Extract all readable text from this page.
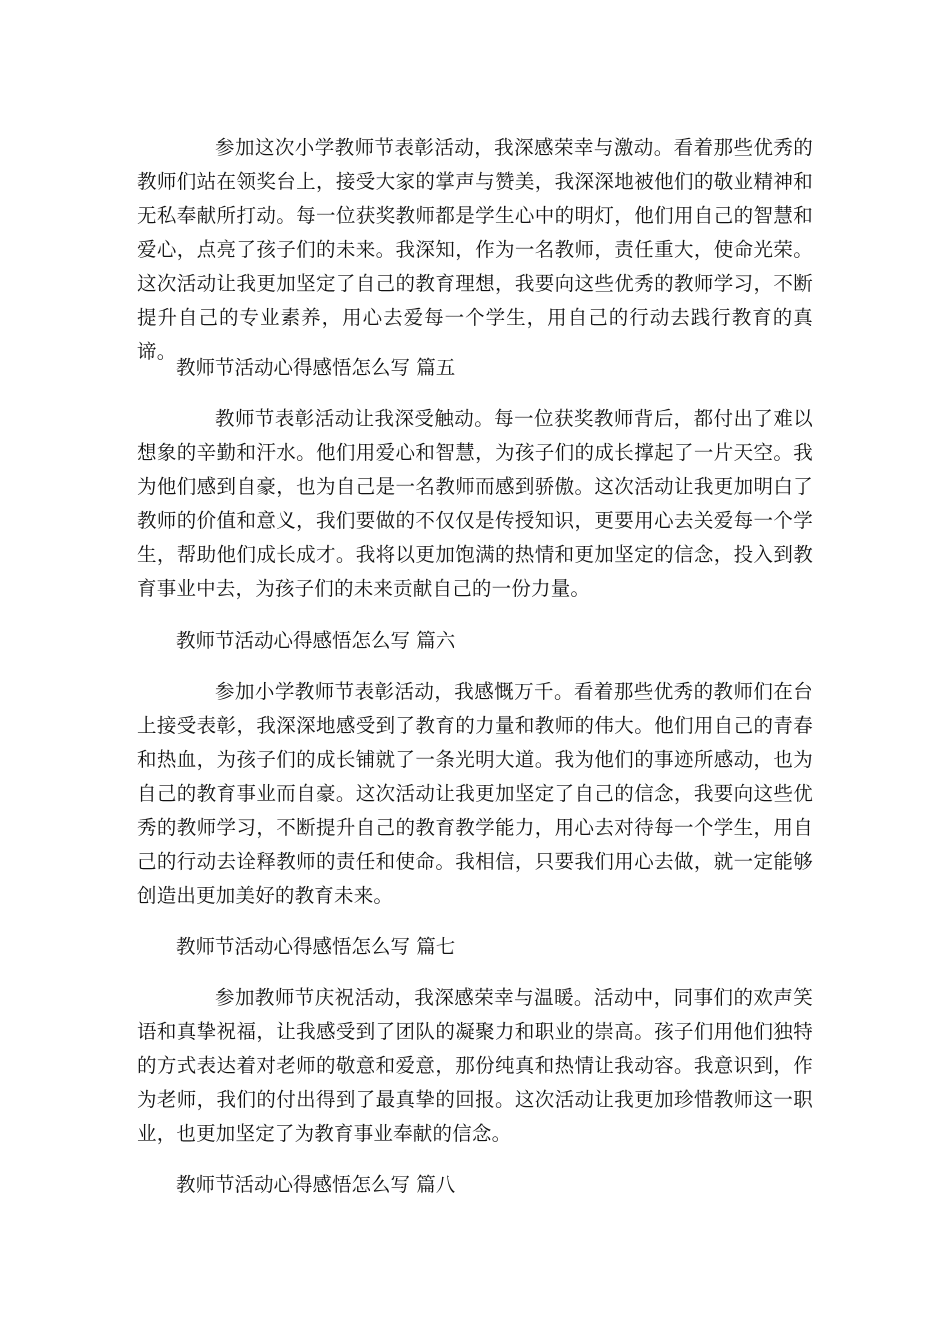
参加这次小学教师节表彰活动，我深感荣幸与激动。看着那些优秀的教师们站在领奖台上，接受大家的掌声与赞美，我深深地被他们的敬业精神和无私奉献所打动。每一位获奖教师都是学生心中的明灯，他们用自己的智慧和爱心，点亮了孩子们的未来。我深知，作为一名教师，责任重大，使命光荣。这次活动让我更加坚定了自己的教育理想，我要向这些优秀的教师学习，不断提升自己的专业素养，用心去爱每一个学生，用自己的行动去践行教育的真谛。

教师节活动心得感悟怎么写 篇五

教师节表彰活动让我深受触动。每一位获奖教师背后，都付出了难以想象的辛勤和汗水。他们用爱心和智慧，为孩子们的成长撑起了一片天空。我为他们感到自豪，也为自己是一名教师而感到骄傲。这次活动让我更加明白了教师的价值和意义，我们要做的不仅仅是传授知识，更要用心去关爱每一个学生，帮助他们成长成才。我将以更加饱满的热情和更加坚定的信念，投入到教育事业中去，为孩子们的未来贡献自己的一份力量。

教师节活动心得感悟怎么写 篇六

参加小学教师节表彰活动，我感慨万千。看着那些优秀的教师们在台上接受表彰，我深深地感受到了教育的力量和教师的伟大。他们用自己的青春和热血，为孩子们的成长铺就了一条光明大道。我为他们的事迹所感动，也为自己的教育事业而自豪。这次活动让我更加坚定了自己的信念，我要向这些优秀的教师学习，不断提升自己的教育教学能力，用心去对待每一个学生，用自己的行动去诠释教师的责任和使命。我相信，只要我们用心去做，就一定能够创造出更加美好的教育未来。

教师节活动心得感悟怎么写 篇七

参加教师节庆祝活动，我深感荣幸与温暖。活动中，同事们的欢声笑语和真挚祝福，让我感受到了团队的凝聚力和职业的崇高。孩子们用他们独特的方式表达着对老师的敬意和爱意，那份纯真和热情让我动容。我意识到，作为老师，我们的付出得到了最真挚的回报。这次活动让我更加珍惜教师这一职业，也更加坚定了为教育事业奉献的信念。

教师节活动心得感悟怎么写 篇八
